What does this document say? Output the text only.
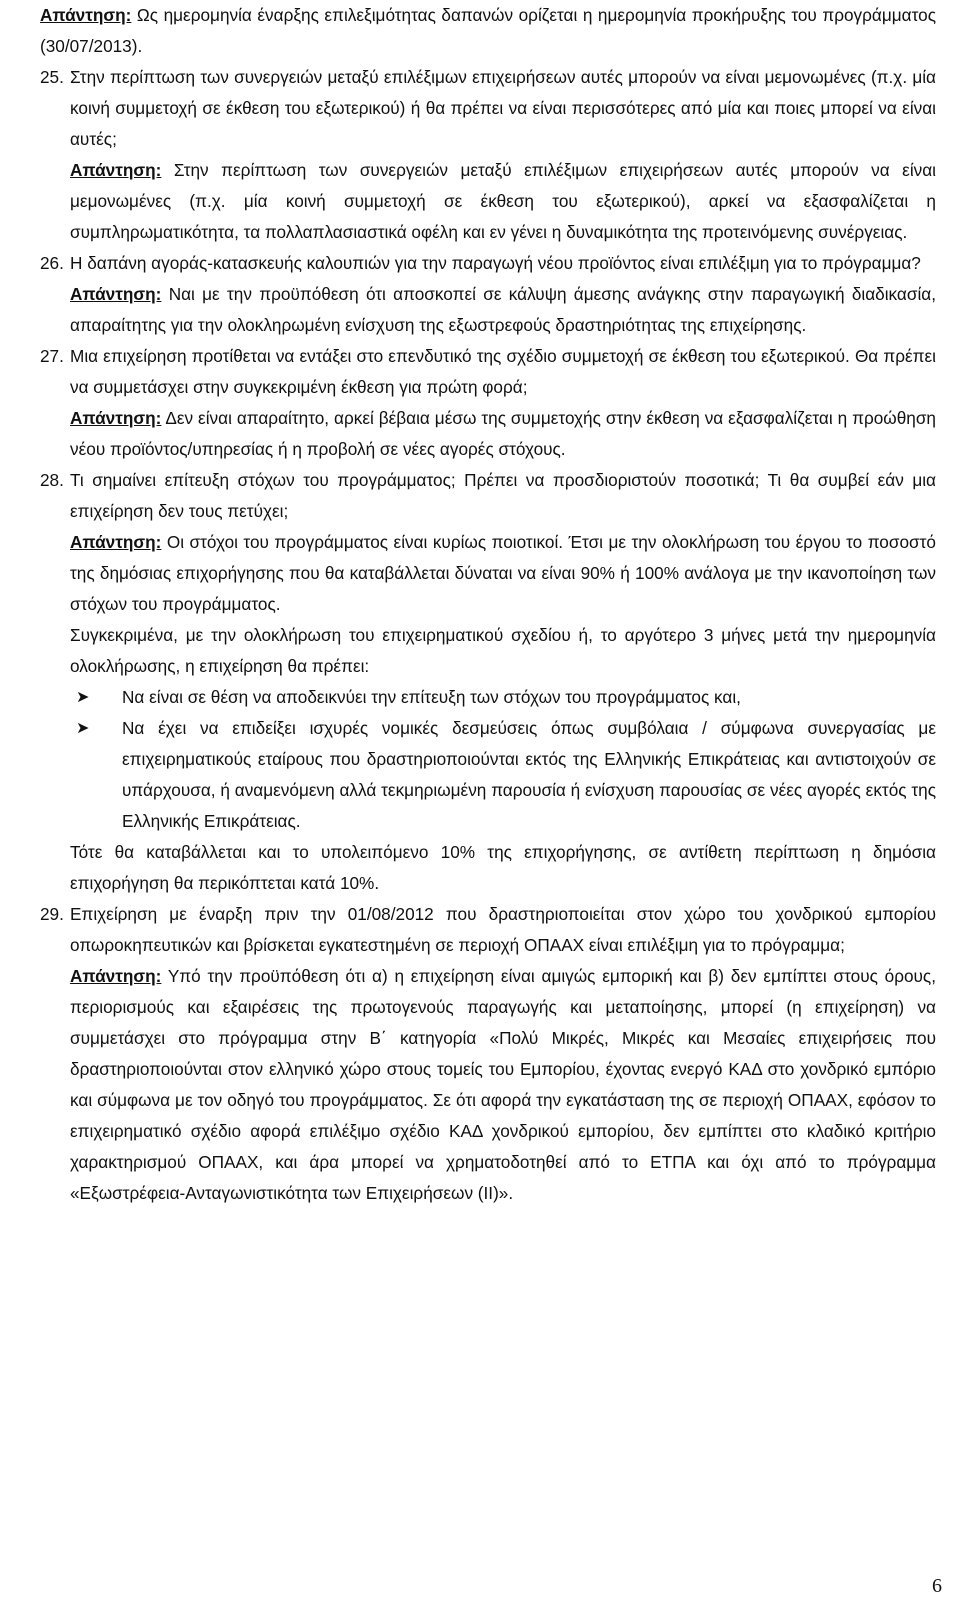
Απάντηση: Ως ημερομηνία έναρξης επιλεξιμότητας δαπανών ορίζεται η ημερομηνία προκήρυξης του προγράμματος (30/07/2013).

25. Στην περίπτωση των συνεργειών μεταξύ επιλέξιμων επιχειρήσεων αυτές μπορούν να είναι μεμονωμένες (π.χ. μία κοινή συμμετοχή σε έκθεση του εξωτερικού) ή θα πρέπει να είναι περισσότερες από μία και ποιες μπορεί να είναι αυτές;

Απάντηση: Στην περίπτωση των συνεργειών μεταξύ επιλέξιμων επιχειρήσεων αυτές μπορούν να είναι μεμονωμένες (π.χ. μία κοινή συμμετοχή σε έκθεση του εξωτερικού), αρκεί να εξασφαλίζεται η συμπληρωματικότητα, τα πολλαπλασιαστικά οφέλη και εν γένει η δυναμικότητα της προτεινόμενης συνέργειας.

26. Η δαπάνη αγοράς-κατασκευής καλουπιών για την παραγωγή νέου προϊόντος είναι επιλέξιμη για το πρόγραμμα?

Απάντηση: Ναι με την προϋπόθεση ότι αποσκοπεί σε κάλυψη άμεσης ανάγκης στην παραγωγική διαδικασία, απαραίτητης για την ολοκληρωμένη ενίσχυση της εξωστρεφούς δραστηριότητας της επιχείρησης.

27. Μια επιχείρηση προτίθεται να εντάξει στο επενδυτικό της σχέδιο συμμετοχή σε έκθεση του εξωτερικού. Θα πρέπει να συμμετάσχει στην συγκεκριμένη έκθεση για πρώτη φορά;

Απάντηση: Δεν είναι απαραίτητο, αρκεί βέβαια μέσω της συμμετοχής στην έκθεση να εξασφαλίζεται η προώθηση νέου προϊόντος/υπηρεσίας ή η προβολή σε νέες αγορές στόχους.

28. Τι σημαίνει επίτευξη στόχων του προγράμματος; Πρέπει να προσδιοριστούν ποσοτικά; Τι θα συμβεί εάν μια επιχείρηση δεν τους πετύχει;

Απάντηση: Οι στόχοι του προγράμματος είναι κυρίως ποιοτικοί. Έτσι με την ολοκλήρωση του έργου το ποσοστό της δημόσιας επιχορήγησης που θα καταβάλλεται δύναται να είναι 90% ή 100% ανάλογα με την ικανοποίηση των στόχων του προγράμματος.

Συγκεκριμένα, με την ολοκλήρωση του επιχειρηματικού σχεδίου ή, το αργότερο 3 μήνες μετά την ημερομηνία ολοκλήρωσης, η επιχείρηση θα πρέπει:

➤	Να είναι σε θέση να αποδεικνύει την επίτευξη των στόχων του προγράμματος και,
➤	Να έχει να επιδείξει ισχυρές νομικές δεσμεύσεις όπως συμβόλαια / σύμφωνα συνεργασίας με επιχειρηματικούς εταίρους που δραστηριοποιούνται εκτός της Ελληνικής Επικράτειας και αντιστοιχούν σε υπάρχουσα, ή αναμενόμενη αλλά τεκμηριωμένη παρουσία ή ενίσχυση παρουσίας σε νέες αγορές εκτός της Ελληνικής Επικράτειας.

Τότε θα καταβάλλεται και το υπολειπόμενο 10% της επιχορήγησης, σε αντίθετη περίπτωση η δημόσια επιχορήγηση θα περικόπτεται κατά 10%.

29. Επιχείρηση με έναρξη πριν την 01/08/2012 που δραστηριοποιείται στον χώρο του χονδρικού εμπορίου οπωροκηπευτικών και βρίσκεται εγκατεστημένη σε περιοχή ΟΠΑΑΧ είναι επιλέξιμη για το πρόγραμμα;

Απάντηση: Υπό την προϋπόθεση ότι α) η επιχείρηση είναι αμιγώς εμπορική και β) δεν εμπίπτει στους όρους, περιορισμούς και εξαιρέσεις της πρωτογενούς παραγωγής και μεταποίησης, μπορεί (η επιχείρηση) να συμμετάσχει στο πρόγραμμα στην Β΄ κατηγορία «Πολύ Μικρές, Μικρές και Μεσαίες επιχειρήσεις που δραστηριοποιούνται στον ελληνικό χώρο στους τομείς του Εμπορίου, έχοντας ενεργό ΚΑΔ στο χονδρικό εμπόριο και σύμφωνα με τον οδηγό του προγράμματος. Σε ότι αφορά την εγκατάσταση της σε περιοχή ΟΠΑΑΧ, εφόσον το επιχειρηματικό σχέδιο αφορά επιλέξιμο σχέδιο ΚΑΔ χονδρικού εμπορίου, δεν εμπίπτει στο κλαδικό κριτήριο χαρακτηρισμού ΟΠΑΑΧ, και άρα μπορεί να χρηματοδοτηθεί από το ΕΤΠΑ και όχι από το πρόγραμμα «Εξωστρέφεια-Ανταγωνιστικότητα των Επιχειρήσεων (ΙΙ)».

6
